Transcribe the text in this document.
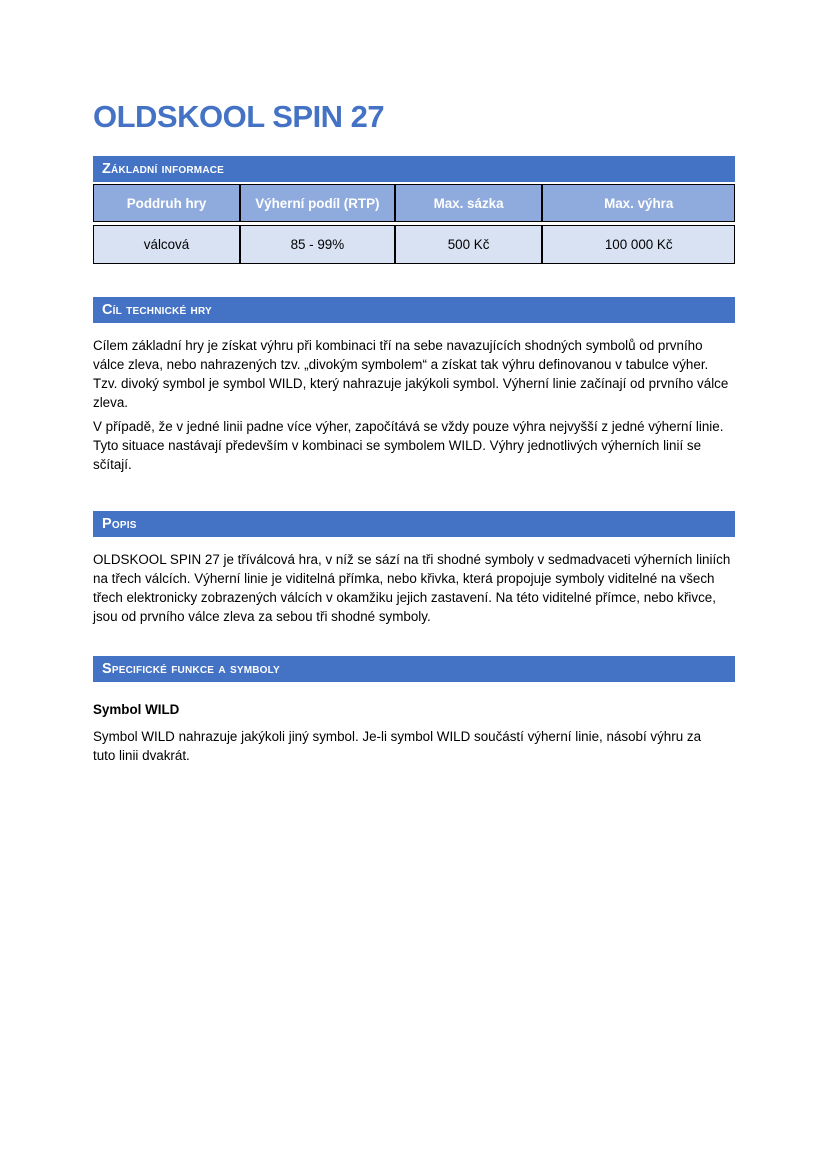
OLDSKOOL SPIN 27
Základní informace
Poddruh hry	Výherní podíl (RTP)	Max. sázka	Max. výhra
válcová	85 - 99%	500 Kč	100 000 Kč
Cíl technické hry

Cílem základní hry je získat výhru při kombinaci tří na sebe navazujících shodných symbolů od prvního válce zleva, nebo nahrazených tzv. „divokým symbolem“ a získat tak výhru definovanou v tabulce výher. Tzv. divoký symbol je symbol WILD, který nahrazuje jakýkoli symbol. Výherní linie začínají od prvního válce zleva.

V případě, že v jedné linii padne více výher, započítává se vždy pouze výhra nejvyšší z jedné výherní linie. Tyto situace nastávají především v kombinaci se symbolem WILD. Výhry jednotlivých výherních linií se sčítají.

Popis

OLDSKOOL SPIN 27 je tříválcová hra, v níž se sází na tři shodné symboly v sedmadvaceti výherních liniích na třech válcích. Výherní linie je viditelná přímka, nebo křivka, která propojuje symboly viditelné na všech třech elektronicky zobrazených válcích v okamžiku jejich zastavení. Na této viditelné přímce, nebo křivce, jsou od prvního válce zleva za sebou tři shodné symboly.

Specifické funkce a symboly
Symbol WILD

Symbol WILD nahrazuje jakýkoli jiný symbol. Je-li symbol WILD součástí výherní linie, násobí výhru za tuto linii dvakrát.
